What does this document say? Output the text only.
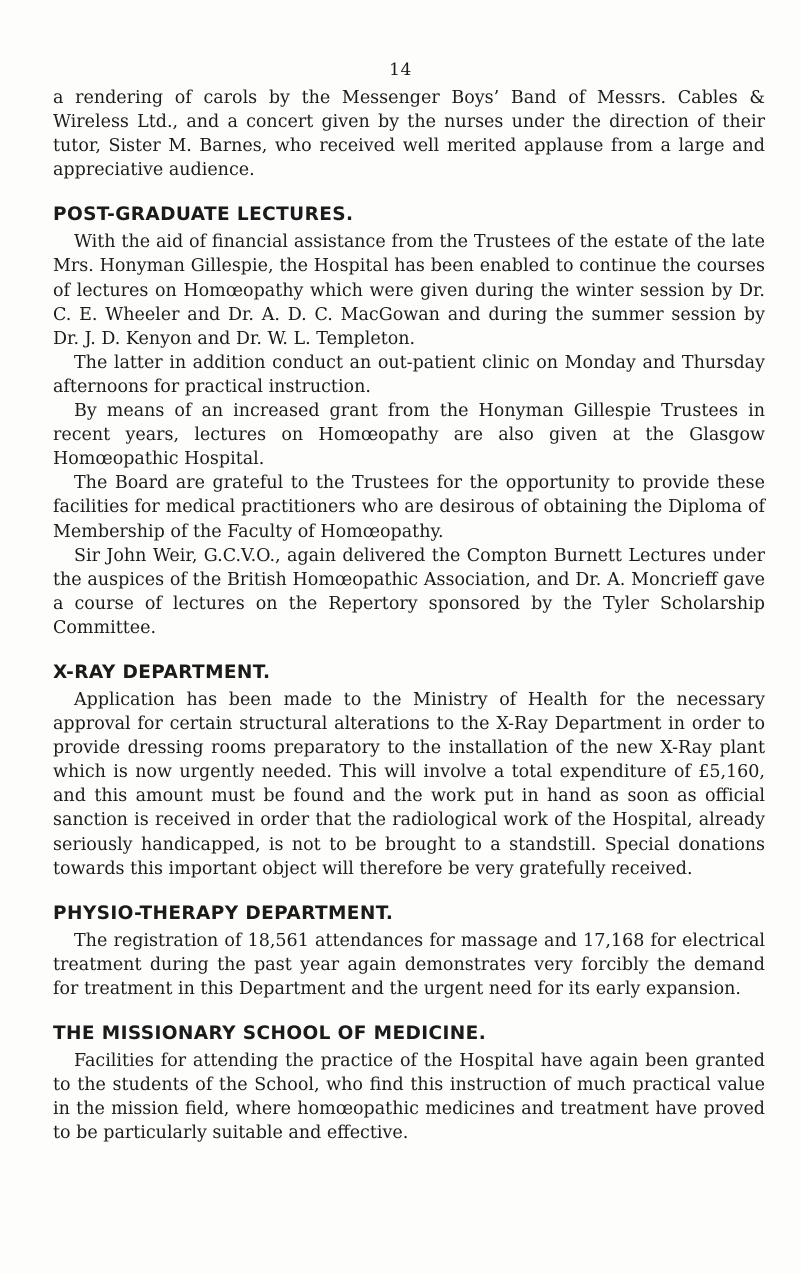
14

a rendering of carols by the Messenger Boys’ Band of Messrs. Cables & Wireless Ltd., and a concert given by the nurses under the direction of their tutor, Sister M. Barnes, who received well merited applause from a large and appreciative audience.

POST-GRADUATE LECTURES.

With the aid of financial assistance from the Trustees of the estate of the late Mrs. Honyman Gillespie, the Hospital has been enabled to continue the courses of lectures on Homœopathy which were given during the winter session by Dr. C. E. Wheeler and Dr. A. D. C. MacGowan and during the summer session by Dr. J. D. Kenyon and Dr. W. L. Templeton.

The latter in addition conduct an out-patient clinic on Monday and Thursday afternoons for practical instruction.

By means of an increased grant from the Honyman Gillespie Trustees in recent years, lectures on Homœopathy are also given at the Glasgow Homœopathic Hospital.

The Board are grateful to the Trustees for the opportunity to provide these facilities for medical practitioners who are desirous of obtaining the Diploma of Membership of the Faculty of Homœopathy.

Sir John Weir, G.C.V.O., again delivered the Compton Burnett Lectures under the auspices of the British Homœopathic Association, and Dr. A. Moncrieff gave a course of lectures on the Repertory sponsored by the Tyler Scholarship Committee.

X-RAY DEPARTMENT.

Application has been made to the Ministry of Health for the necessary approval for certain structural alterations to the X-Ray Department in order to provide dressing rooms preparatory to the installation of the new X-Ray plant which is now urgently needed. This will involve a total expenditure of £5,160, and this amount must be found and the work put in hand as soon as official sanction is received in order that the radiological work of the Hospital, already seriously handicapped, is not to be brought to a standstill. Special donations towards this important object will therefore be very gratefully received.

PHYSIO-THERAPY DEPARTMENT.

The registration of 18,561 attendances for massage and 17,168 for electrical treatment during the past year again demonstrates very forcibly the demand for treatment in this Department and the urgent need for its early expansion.

THE MISSIONARY SCHOOL OF MEDICINE.

Facilities for attending the practice of the Hospital have again been granted to the students of the School, who find this instruction of much practical value in the mission field, where homœopathic medicines and treatment have proved to be particularly suitable and effective.
